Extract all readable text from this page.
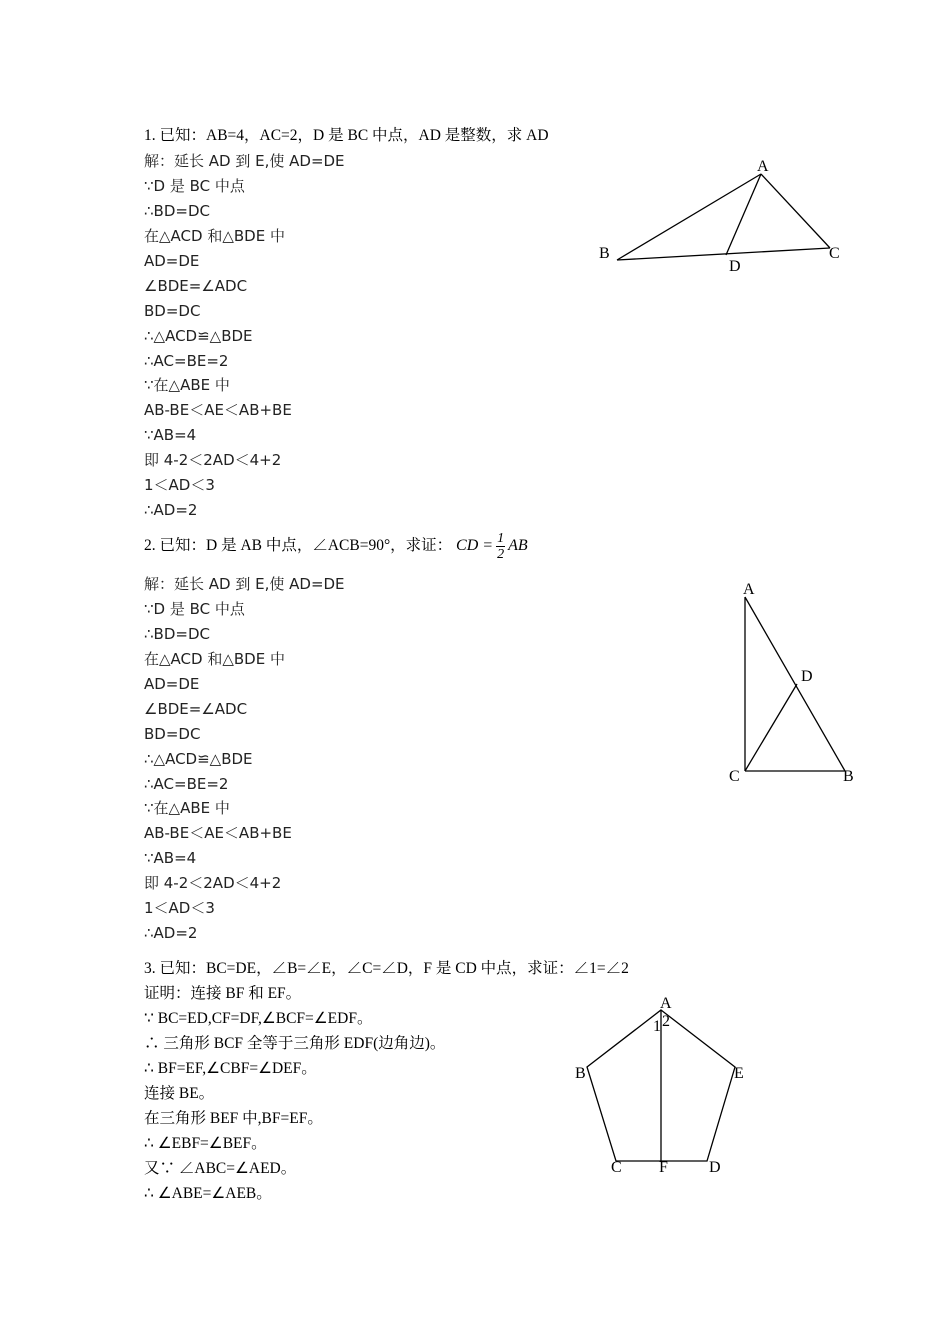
1. 已知：AB=4，AC=2，D 是 BC 中点，AD 是整数，求 AD
解：延长 AD 到 E,使 AD=DE
∵D 是 BC 中点
∴BD=DC
在△ACD 和△BDE 中
AD=DE
∠BDE=∠ADC
BD=DC
∴△ACD≌△BDE
∴AC=BE=2
∵在△ABE 中
AB-BE＜AE＜AB+BE
∵AB=4
即 4-2＜2AD＜4+2
1＜AD＜3
∴AD=2
2. 已知：D 是 AB 中点，∠ACB=90°，求证： CD = $\frac{1}{2}$ AB
解：延长 AD 到 E,使 AD=DE
∵D 是 BC 中点
∴BD=DC
在△ACD 和△BDE 中
AD=DE
∠BDE=∠ADC
BD=DC
∴△ACD≌△BDE
∴AC=BE=2
∵在△ABE 中
AB-BE＜AE＜AB+BE
∵AB=4
即 4-2＜2AD＜4+2
1＜AD＜3
∴AD=2
3. 已知：BC=DE，∠B=∠E，∠C=∠D，F 是 CD 中点，求证：∠1=∠2
证明：连接 BF 和 EF。
∵ BC=ED,CF=DF,∠BCF=∠EDF。
∴ 三角形 BCF 全等于三角形 EDF(边角边)。
∴ BF=EF,∠CBF=∠DEF。
连接 BE。
在三角形 BEF 中,BF=EF。
∴ ∠EBF=∠BEF。
又∵ ∠ABC=∠AED。
∴ ∠ABE=∠AEB。
A
B	C
D
A
D
C	B
A
1 2
B	E
C F	D
